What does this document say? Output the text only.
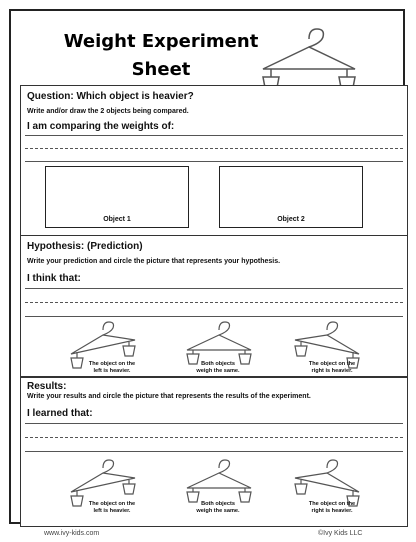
Weight Experiment
Sheet
Question: Which object is heavier?
Write and/or draw the 2 objects being compared.
I am comparing the weights of:
Object 1	Object 2
Hypothesis: (Prediction)
Write your prediction and circle the picture that represents your hypothesis.
I think that:
The object on the
left is heavier.
Both objects
weigh the same.
The object on the
right is heavier.
Results:
Write your results and circle the picture that represents the results of the experiment.
I learned that:
The object on the
left is heavier.
Both objects
weigh the same.
The object on the
right is heavier.
www.ivy-kids.com	©Ivy Kids LLC
